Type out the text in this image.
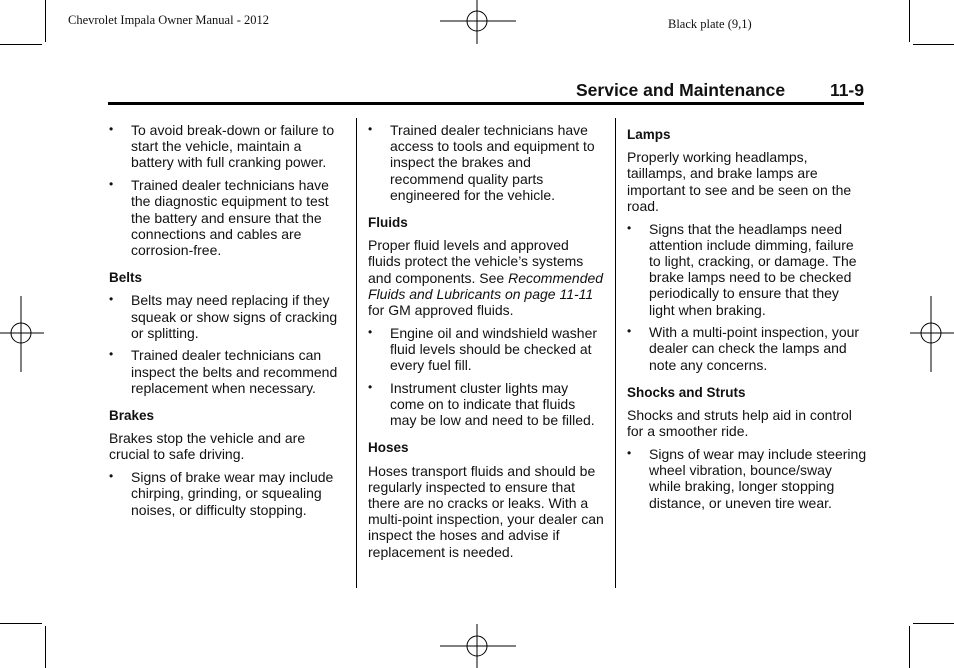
Chevrolet Impala Owner Manual - 2012	Black plate (9,1)
Service and Maintenance	11-9
• To avoid break-down or failure to start the vehicle, maintain a battery with full cranking power.
• Trained dealer technicians have the diagnostic equipment to test the battery and ensure that the connections and cables are corrosion-free.
Belts
• Belts may need replacing if they squeak or show signs of cracking or splitting.
• Trained dealer technicians can inspect the belts and recommend replacement when necessary.
Brakes
Brakes stop the vehicle and are crucial to safe driving.
• Signs of brake wear may include chirping, grinding, or squealing noises, or difficulty stopping.
• Trained dealer technicians have access to tools and equipment to inspect the brakes and recommend quality parts engineered for the vehicle.
Fluids
Proper fluid levels and approved fluids protect the vehicle’s systems and components. See Recommended Fluids and Lubricants on page 11-11 for GM approved fluids.
• Engine oil and windshield washer fluid levels should be checked at every fuel fill.
• Instrument cluster lights may come on to indicate that fluids may be low and need to be filled.
Hoses
Hoses transport fluids and should be regularly inspected to ensure that there are no cracks or leaks. With a multi-point inspection, your dealer can inspect the hoses and advise if replacement is needed.
Lamps
Properly working headlamps, taillamps, and brake lamps are important to see and be seen on the road.
• Signs that the headlamps need attention include dimming, failure to light, cracking, or damage. The brake lamps need to be checked periodically to ensure that they light when braking.
• With a multi-point inspection, your dealer can check the lamps and note any concerns.
Shocks and Struts
Shocks and struts help aid in control for a smoother ride.
• Signs of wear may include steering wheel vibration, bounce/sway while braking, longer stopping distance, or uneven tire wear.
